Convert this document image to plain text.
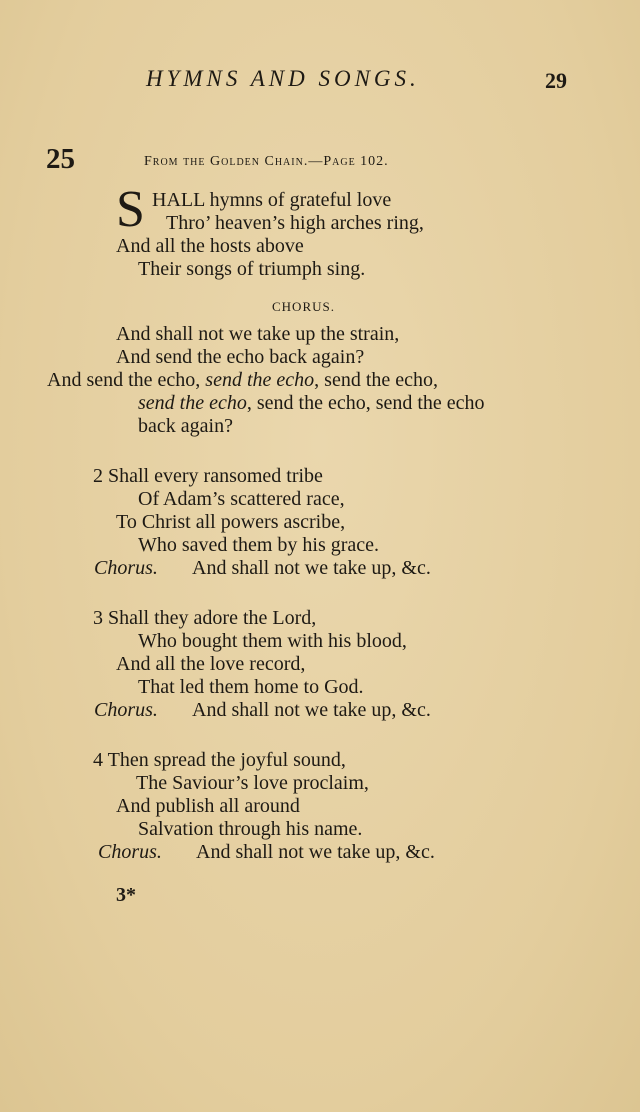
HYMNS AND SONGS.	29
25	From the Golden Chain.—Page 102.
S HALL hymns of grateful love
Thro’ heaven’s high arches ring,
And all the hosts above
Their songs of triumph sing.
CHORUS.
And shall not we take up the strain,
And send the echo back again?
And send the echo, send the echo, send the echo,
send the echo, send the echo, send the echo
back again?
2 Shall every ransomed tribe
Of Adam’s scattered race,
To Christ all powers ascribe,
Who saved them by his grace.
Chorus. And shall not we take up, &c.
3 Shall they adore the Lord,
Who bought them with his blood,
And all the love record,
That led them home to God.
Chorus. And shall not we take up, &c.
4 Then spread the joyful sound,
The Saviour’s love proclaim,
And publish all around
Salvation through his name.
Chorus. And shall not we take up, &c.
3*
